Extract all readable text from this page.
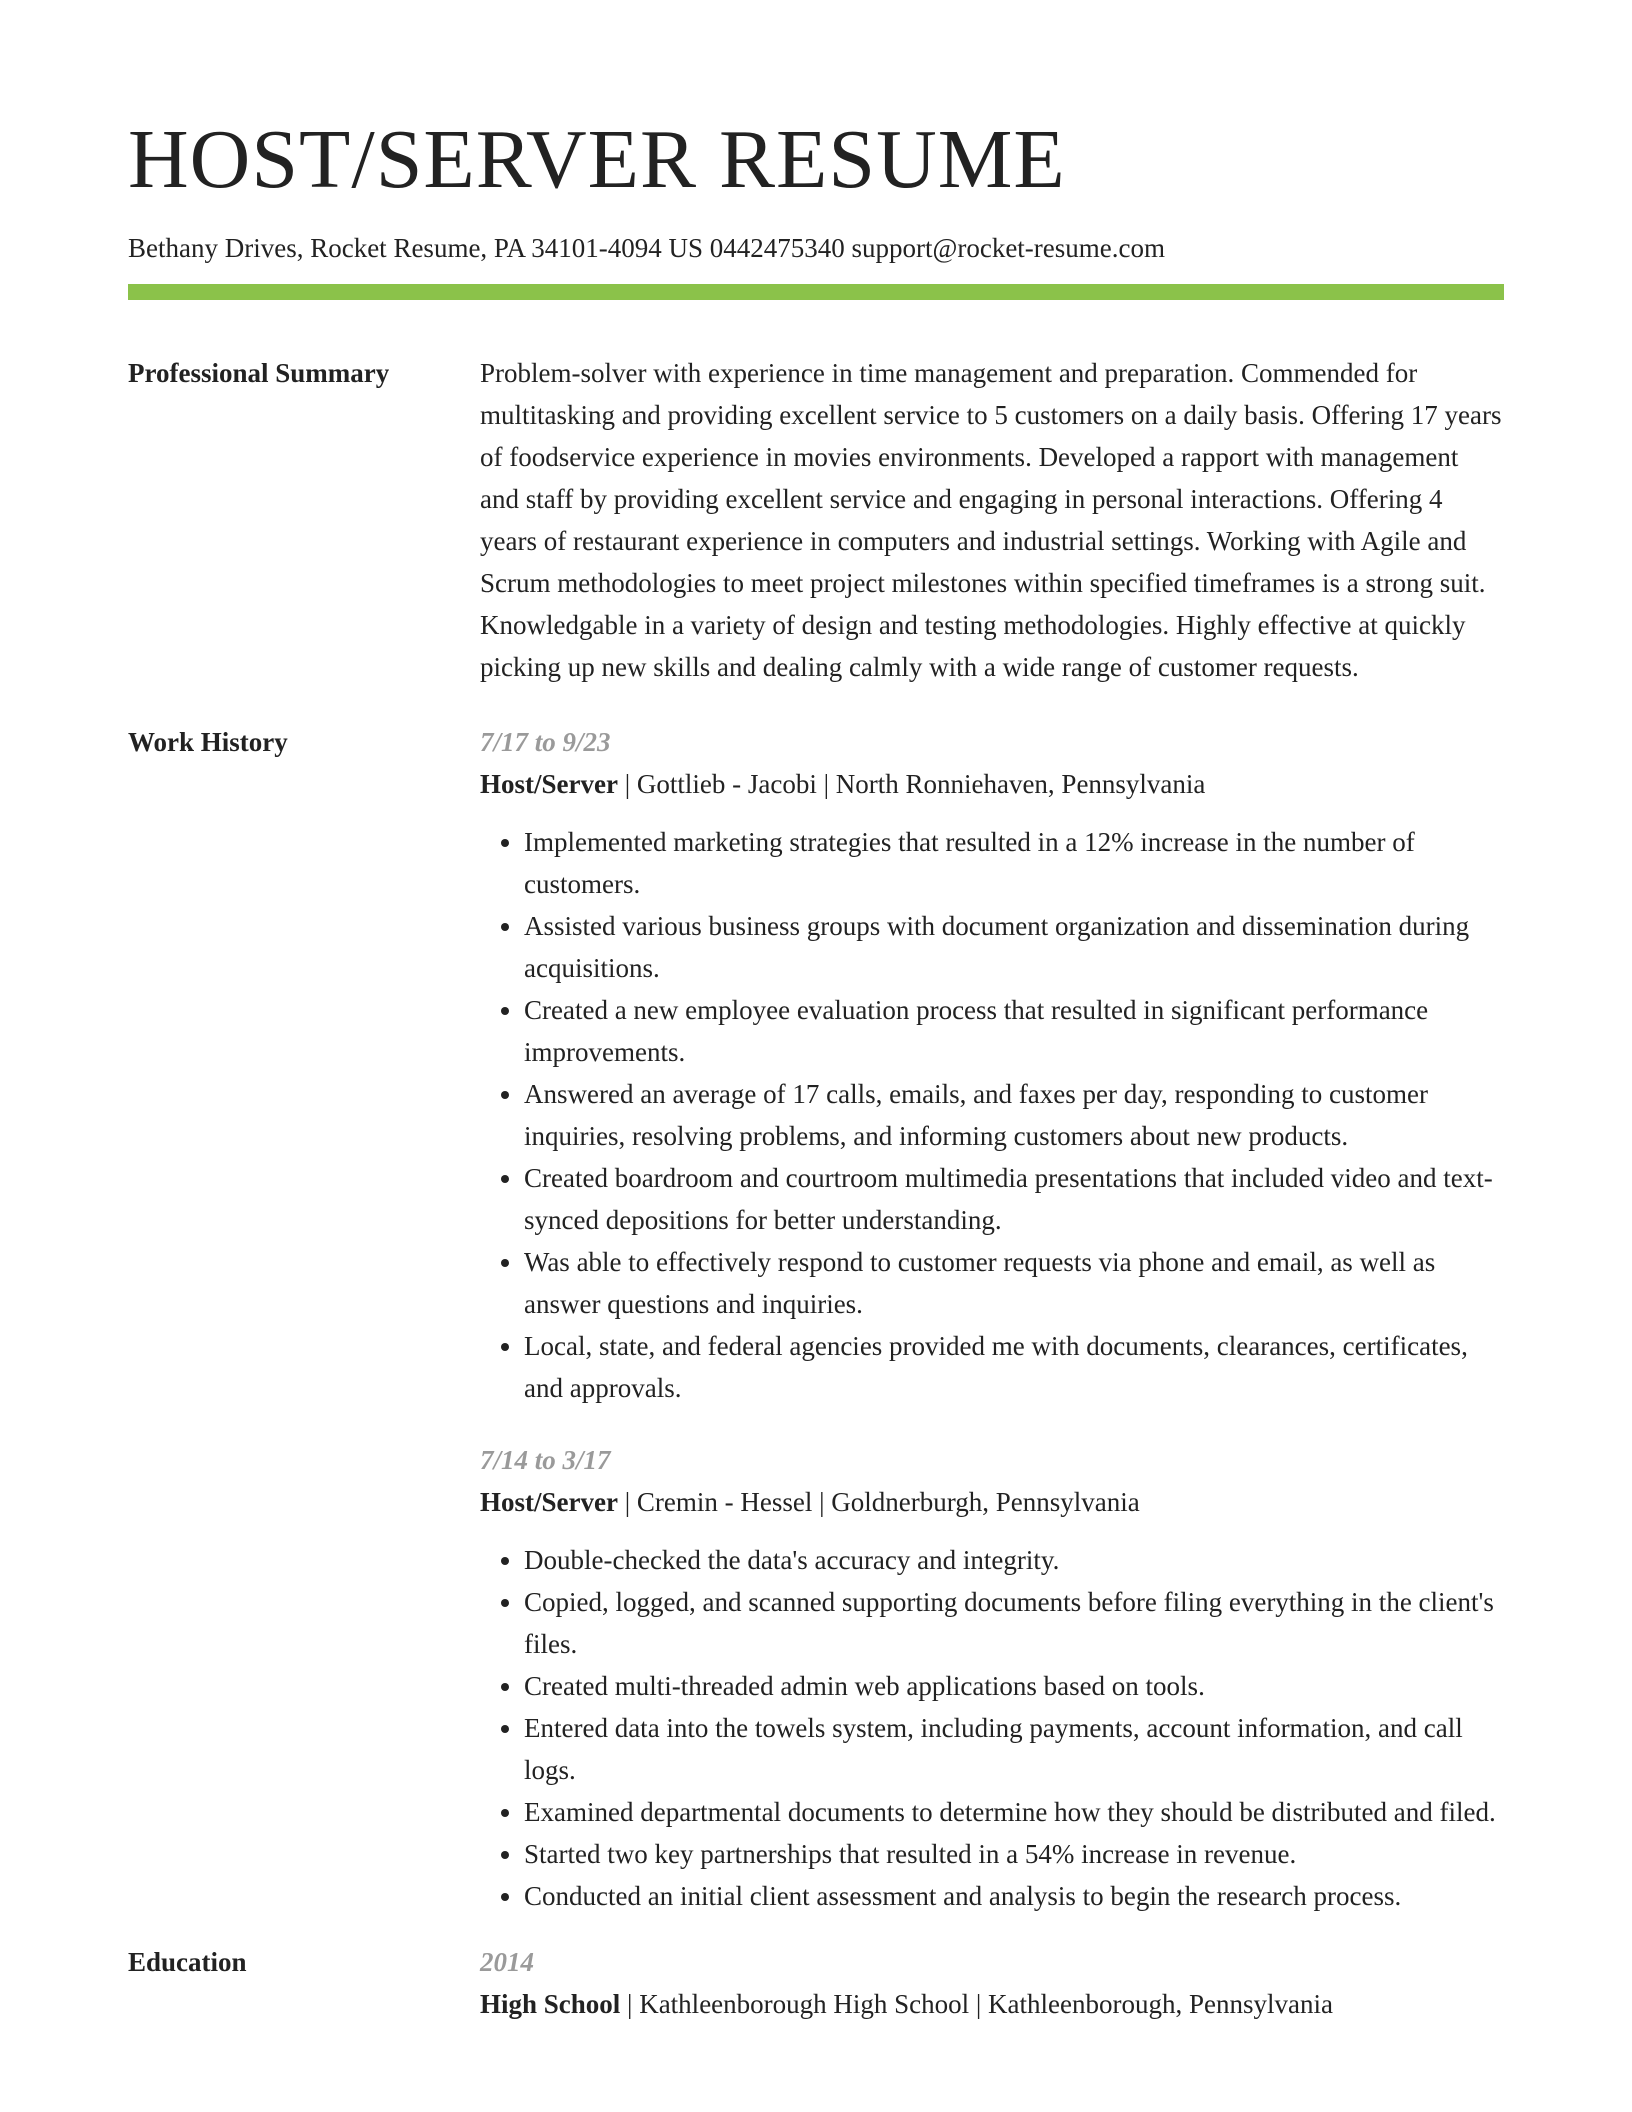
HOST/SERVER RESUME
Bethany Drives, Rocket Resume, PA 34101-4094 US 0442475340 support@rocket-resume.com
Professional Summary	Problem-solver with experience in time management and preparation. Commended for multitasking and providing excellent service to 5 customers on a daily basis. Offering 17 years of foodservice experience in movies environments. Developed a rapport with management and staff by providing excellent service and engaging in personal interactions. Offering 4 years of restaurant experience in computers and industrial settings. Working with Agile and Scrum methodologies to meet project milestones within specified timeframes is a strong suit. Knowledgable in a variety of design and testing methodologies. Highly effective at quickly picking up new skills and dealing calmly with a wide range of customer requests.
Work History	7/17 to 9/23
Host/Server | Gottlieb - Jacobi | North Ronniehaven, Pennsylvania
• Implemented marketing strategies that resulted in a 12% increase in the number of customers.
• Assisted various business groups with document organization and dissemination during acquisitions.
• Created a new employee evaluation process that resulted in significant performance improvements.
• Answered an average of 17 calls, emails, and faxes per day, responding to customer inquiries, resolving problems, and informing customers about new products.
• Created boardroom and courtroom multimedia presentations that included video and text-synced depositions for better understanding.
• Was able to effectively respond to customer requests via phone and email, as well as answer questions and inquiries.
• Local, state, and federal agencies provided me with documents, clearances, certificates, and approvals.
7/14 to 3/17
Host/Server | Cremin - Hessel | Goldnerburgh, Pennsylvania
• Double-checked the data's accuracy and integrity.
• Copied, logged, and scanned supporting documents before filing everything in the client's files.
• Created multi-threaded admin web applications based on tools.
• Entered data into the towels system, including payments, account information, and call logs.
• Examined departmental documents to determine how they should be distributed and filed.
• Started two key partnerships that resulted in a 54% increase in revenue.
• Conducted an initial client assessment and analysis to begin the research process.
Education	2014
High School | Kathleenborough High School | Kathleenborough, Pennsylvania
